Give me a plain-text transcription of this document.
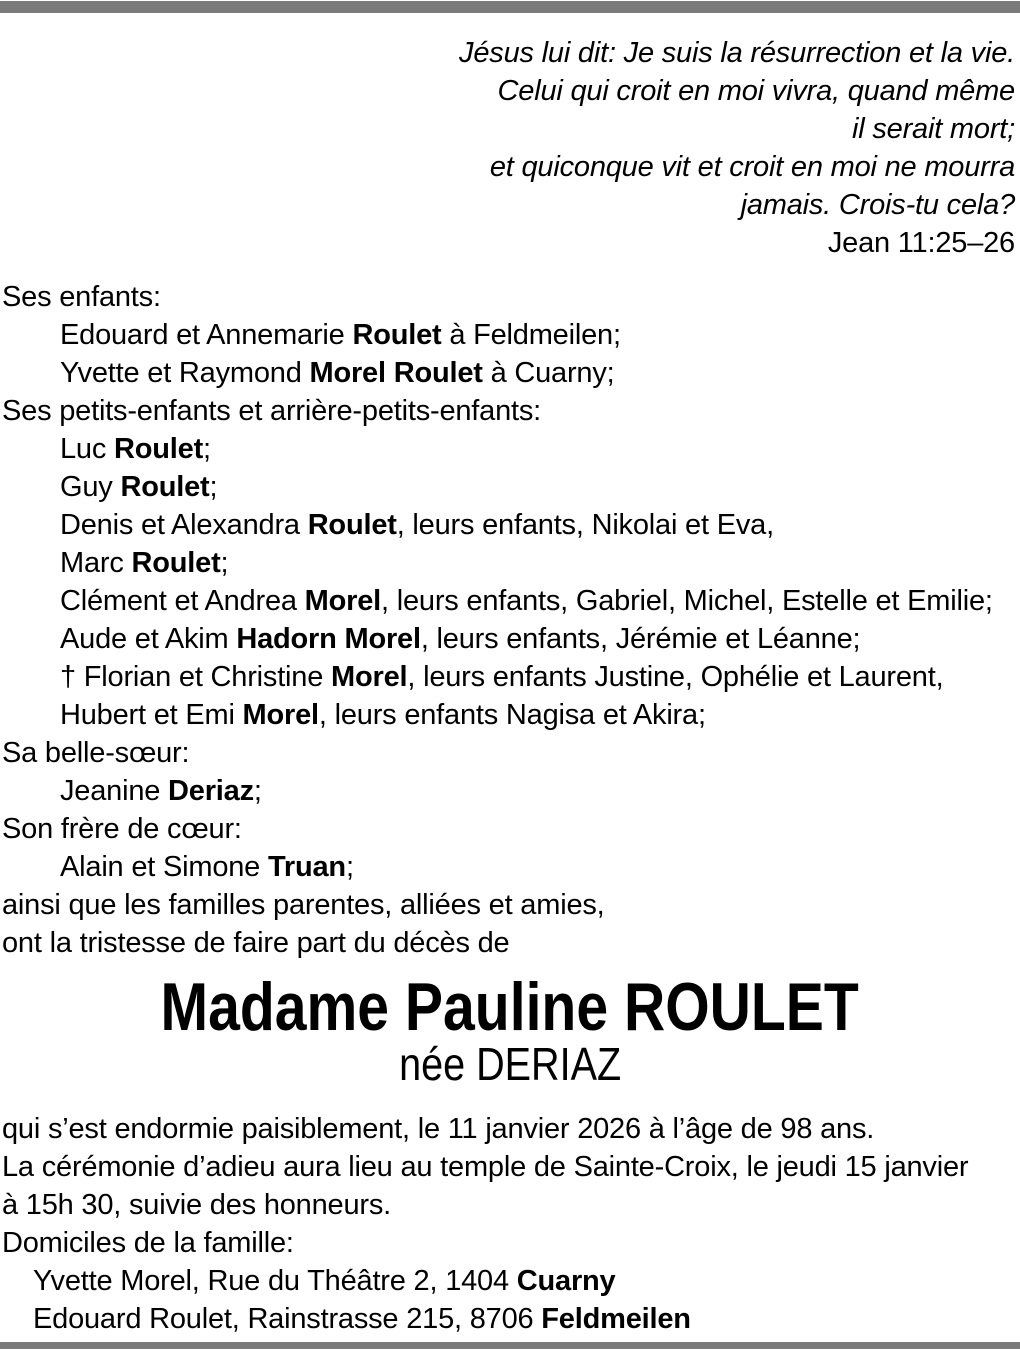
Jésus lui dit: Je suis la résurrection et la vie.
Celui qui croit en moi vivra, quand même
il serait mort;
et quiconque vit et croit en moi ne mourra
jamais. Crois-tu cela?
Jean 11:25–26
Ses enfants:
Edouard et Annemarie Roulet à Feldmeilen;
Yvette et Raymond Morel Roulet à Cuarny;
Ses petits-enfants et arrière-petits-enfants:
Luc Roulet;
Guy Roulet;
Denis et Alexandra Roulet, leurs enfants, Nikolai et Eva,
Marc Roulet;
Clément et Andrea Morel, leurs enfants, Gabriel, Michel, Estelle et Emilie;
Aude et Akim Hadorn Morel, leurs enfants, Jérémie et Léanne;
† Florian et Christine Morel, leurs enfants Justine, Ophélie et Laurent,
Hubert et Emi Morel, leurs enfants Nagisa et Akira;
Sa belle-sœur:
Jeanine Deriaz;
Son frère de cœur:
Alain et Simone Truan;
ainsi que les familles parentes, alliées et amies,
ont la tristesse de faire part du décès de
Madame Pauline ROULET
née DERIAZ
qui s’est endormie paisiblement, le 11 janvier 2026 à l’âge de 98 ans.
La cérémonie d’adieu aura lieu au temple de Sainte-Croix, le jeudi 15 janvier
à 15h 30, suivie des honneurs.
Domiciles de la famille:
Yvette Morel, Rue du Théâtre 2, 1404 Cuarny
Edouard Roulet, Rainstrasse 215, 8706 Feldmeilen
